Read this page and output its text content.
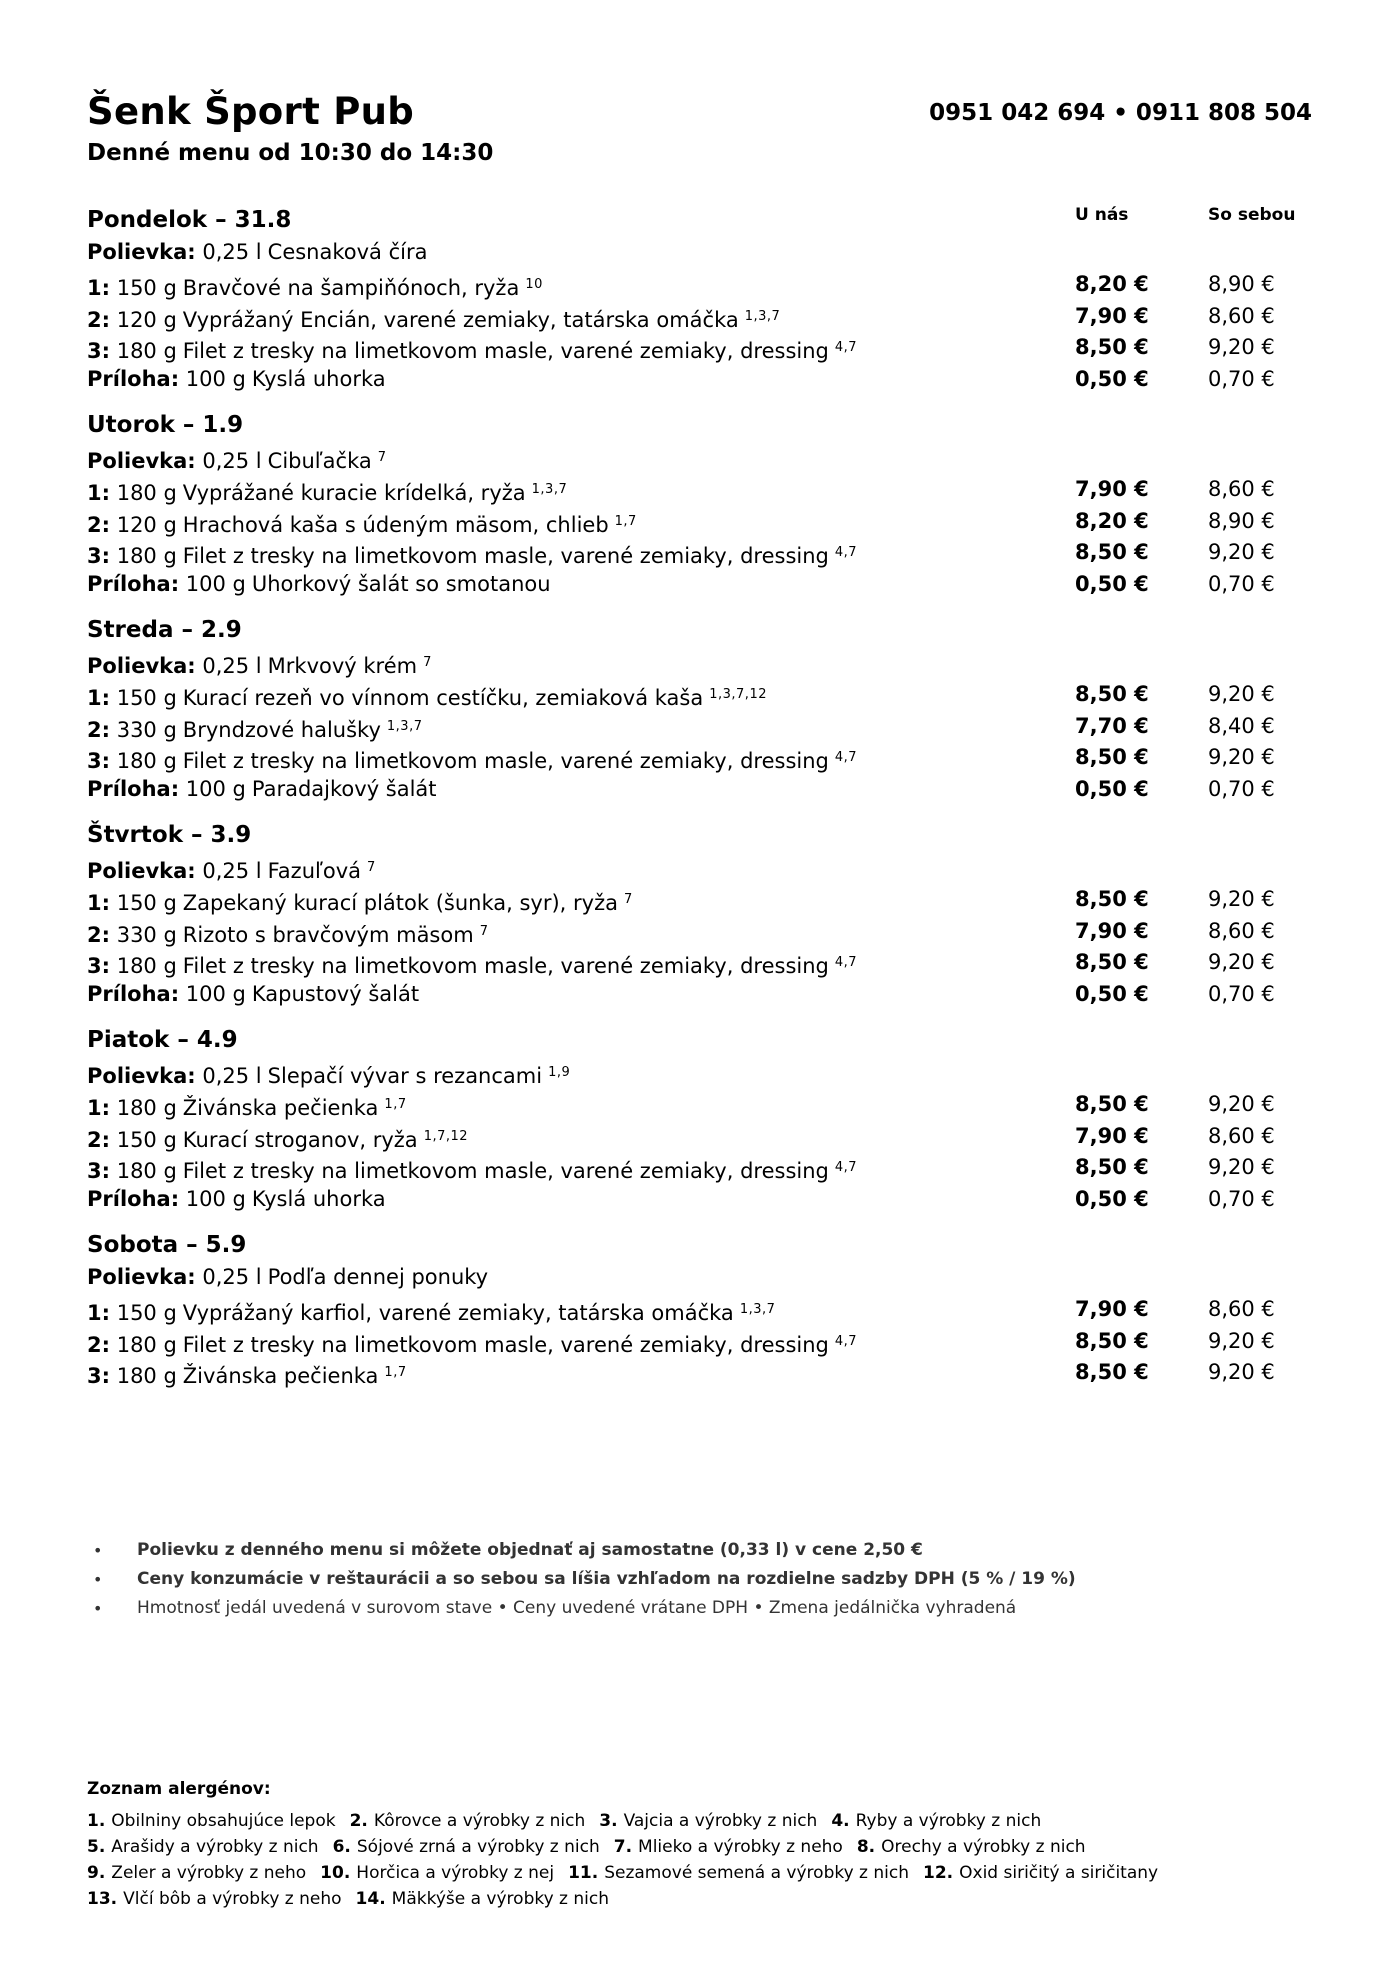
Šenk Šport Pub	0951 042 694 • 0911 808 504
Denné menu od 10:30 do 14:30
U nás	So sebou
Pondelok – 31.8
Polievka: 0,25 l Cesnaková číra
1: 150 g Bravčové na šampiňónoch, ryža $^{10}$	8,20 €	8,90 €
2: 120 g Vyprážaný Encián, varené zemiaky, tatárska omáčka $^{1,3,7}$	7,90 €	8,60 €
3: 180 g Filet z tresky na limetkovom masle, varené zemiaky, dressing $^{4,7}$	8,50 €	9,20 €
Príloha: 100 g Kyslá uhorka	0,50 €	0,70 €
Utorok – 1.9
Polievka: 0,25 l Cibuľačka $^7$
1: 180 g Vyprážané kuracie krídelká, ryža $^{1,3,7}$	7,90 €	8,60 €
2: 120 g Hrachová kaša s údeným mäsom, chlieb $^{1,7}$	8,20 €	8,90 €
3: 180 g Filet z tresky na limetkovom masle, varené zemiaky, dressing $^{4,7}$	8,50 €	9,20 €
Príloha: 100 g Uhorkový šalát so smotanou	0,50 €	0,70 €
Streda – 2.9
Polievka: 0,25 l Mrkvový krém $^7$
1: 150 g Kurací rezeň vo vínnom cestíčku, zemiaková kaša $^{1,3,7,12}$	8,50 €	9,20 €
2: 330 g Bryndzové halušky $^{1,3,7}$	7,70 €	8,40 €
3: 180 g Filet z tresky na limetkovom masle, varené zemiaky, dressing $^{4,7}$	8,50 €	9,20 €
Príloha: 100 g Paradajkový šalát	0,50 €	0,70 €
Štvrtok – 3.9
Polievka: 0,25 l Fazuľová $^7$
1: 150 g Zapekaný kurací plátok (šunka, syr), ryža $^7$	8,50 €	9,20 €
2: 330 g Rizoto s bravčovým mäsom $^7$	7,90 €	8,60 €
3: 180 g Filet z tresky na limetkovom masle, varené zemiaky, dressing $^{4,7}$	8,50 €	9,20 €
Príloha: 100 g Kapustový šalát	0,50 €	0,70 €
Piatok – 4.9
Polievka: 0,25 l Slepačí vývar s rezancami $^{1,9}$
1: 180 g Živánska pečienka $^{1,7}$	8,50 €	9,20 €
2: 150 g Kurací stroganov, ryža $^{1,7,12}$	7,90 €	8,60 €
3: 180 g Filet z tresky na limetkovom masle, varené zemiaky, dressing $^{4,7}$	8,50 €	9,20 €
Príloha: 100 g Kyslá uhorka	0,50 €	0,70 €
Sobota – 5.9
Polievka: 0,25 l Podľa dennej ponuky
1: 150 g Vyprážaný karfiol, varené zemiaky, tatárska omáčka $^{1,3,7}$	7,90 €	8,60 €
2: 180 g Filet z tresky na limetkovom masle, varené zemiaky, dressing $^{4,7}$	8,50 €	9,20 €
3: 180 g Živánska pečienka $^{1,7}$	8,50 €	9,20 €
• Polievku z denného menu si môžete objednať aj samostatne (0,33 l) v cene 2,50 €
• Ceny konzumácie v reštaurácii a so sebou sa líšia vzhľadom na rozdielne sadzby DPH (5 % / 19 %)
• Hmotnosť jedál uvedená v surovom stave • Ceny uvedené vrátane DPH • Zmena jedálnička vyhradená
Zoznam alergénov:
1. Obilniny obsahujúce lepok 2. Kôrovce a výrobky z nich 3. Vajcia a výrobky z nich 4. Ryby a výrobky z nich
5. Arašidy a výrobky z nich 6. Sójové zrná a výrobky z nich 7. Mlieko a výrobky z neho 8. Orechy a výrobky z nich
9. Zeler a výrobky z neho 10. Horčica a výrobky z nej 11. Sezamové semená a výrobky z nich 12. Oxid siričitý a siričitany
13. Vlčí bôb a výrobky z neho 14. Mäkkýše a výrobky z nich
